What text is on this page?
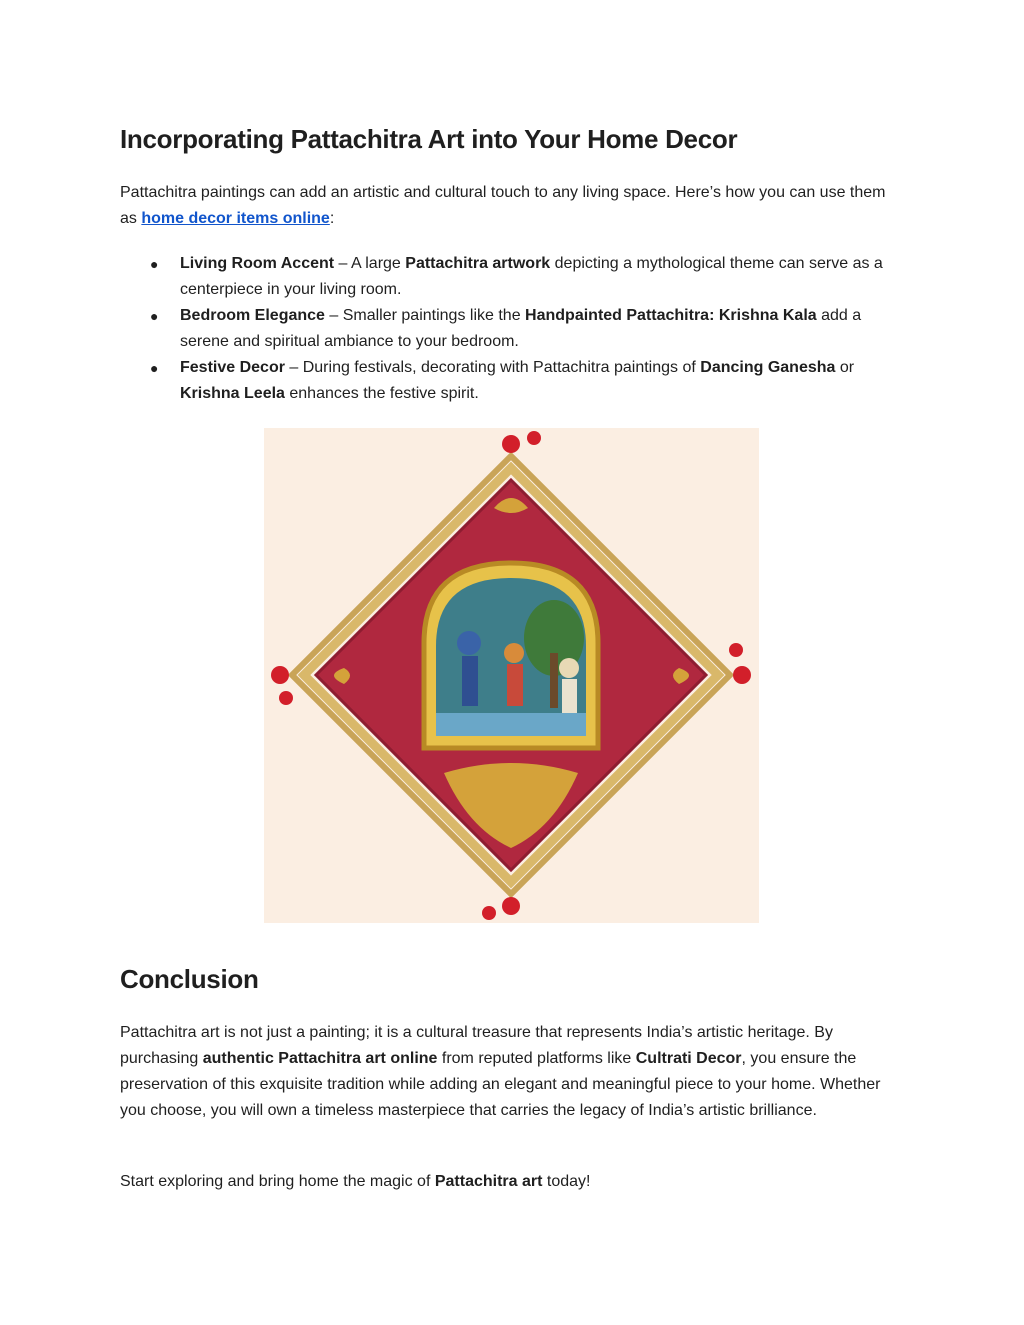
Incorporating Pattachitra Art into Your Home Decor

Pattachitra paintings can add an artistic and cultural touch to any living space. Here’s how you can use them as home decor items online:

● Living Room Accent – A large Pattachitra artwork depicting a mythological theme can serve as a centerpiece in your living room.
● Bedroom Elegance – Smaller paintings like the Handpainted Pattachitra: Krishna Kala add a serene and spiritual ambiance to your bedroom.
● Festive Decor – During festivals, decorating with Pattachitra paintings of Dancing Ganesha or Krishna Leela enhances the festive spirit.
Conclusion

Pattachitra art is not just a painting; it is a cultural treasure that represents India’s artistic heritage. By purchasing authentic Pattachitra art online from reputed platforms like Cultrati Decor, you ensure the preservation of this exquisite tradition while adding an elegant and meaningful piece to your home. Whether you choose, you will own a timeless masterpiece that carries the legacy of India’s artistic brilliance.

Start exploring and bring home the magic of Pattachitra art today!
